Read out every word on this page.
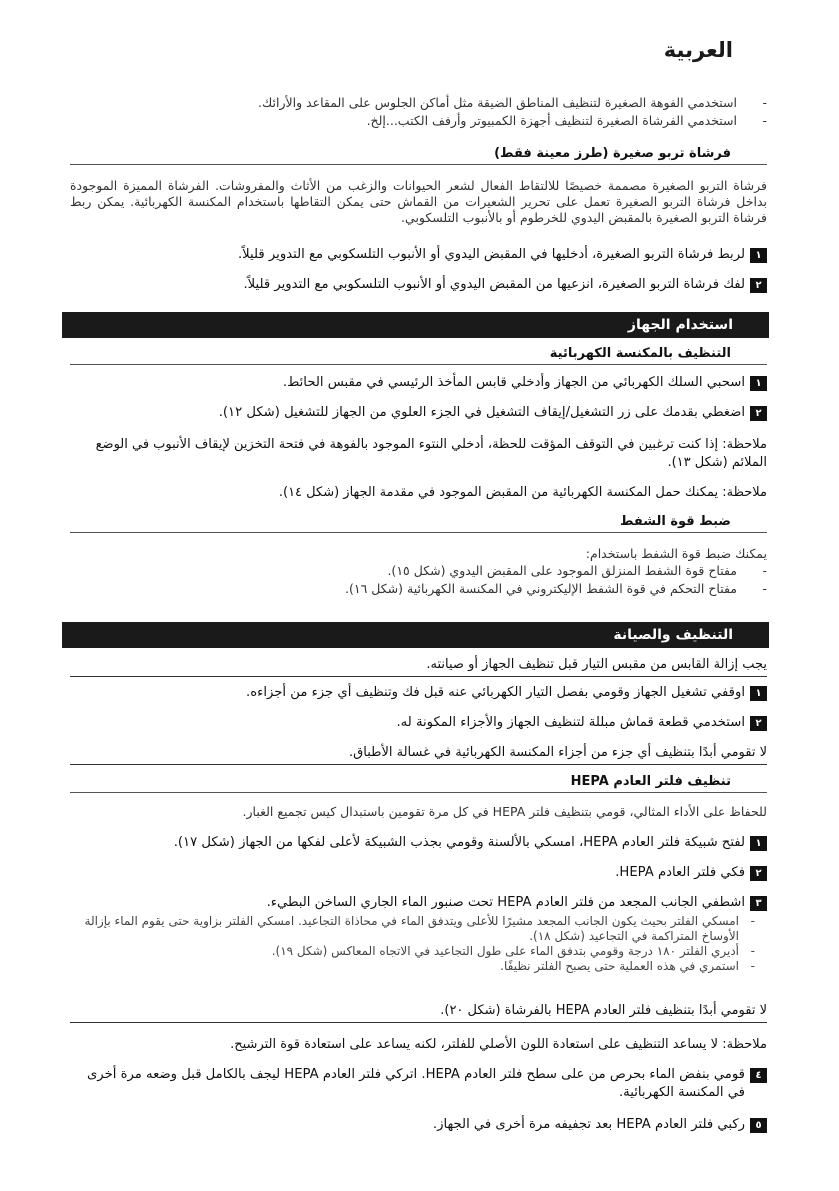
العربية
- استخدمي الفوهة الصغيرة لتنظيف المناطق الضيقة مثل أماكن الجلوس على المقاعد والأرائك.
- استخدمي الفرشاة الصغيرة لتنظيف أجهزة الكمبيوتر وأرفف الكتب...إلخ.
فرشاة تربو صغيرة (طرز معينة فقط)
فرشاة التربو الصغيرة مصممة خصيصًا للالتقاط الفعال لشعر الحيوانات والزغب من الأثاث والمفروشات. الفرشاة المميزة الموجودة بداخل فرشاة التربو الصغيرة تعمل على تحرير الشعيرات من القماش حتى يمكن التقاطها باستخدام المكنسة الكهربائية. يمكن ربط فرشاة التربو الصغيرة بالمقبض اليدوي للخرطوم أو بالأنبوب التلسكوبي.
١
لربط فرشاة التربو الصغيرة، أدخليها في المقبض اليدوي أو الأنبوب التلسكوبي مع التدوير قليلاً.
٢
لفك فرشاة التربو الصغيرة، انزعيها من المقبض اليدوي أو الأنبوب التلسكوبي مع التدوير قليلاً.
استخدام الجهاز
التنظيف بالمكنسة الكهربائية
١
اسحبي السلك الكهربائي من الجهاز وأدخلي قابس المأخذ الرئيسي في مقبس الحائط.
٢
اضغطي بقدمك على زر التشغيل/إيقاف التشغيل في الجزء العلوي من الجهاز للتشغيل (شكل ١٢).
ملاحظة: إذا كنت ترغبين في التوقف المؤقت للحظة، أدخلي النتوء الموجود بالفوهة في فتحة التخزين لإيقاف الأنبوب في الوضع الملائم (شكل ١٣).
ملاحظة: يمكنك حمل المكنسة الكهربائية من المقبض الموجود في مقدمة الجهاز (شكل ١٤).
ضبط قوة الشفط
يمكنك ضبط قوة الشفط باستخدام:
- مفتاح قوة الشفط المنزلق الموجود على المقبض اليدوي (شكل ١٥).
- مفتاح التحكم في قوة الشفط الإليكتروني في المكنسة الكهربائية (شكل ١٦).
التنظيف والصيانة
يجب إزالة القابس من مقبس التيار قبل تنظيف الجهاز أو صيانته.
١
اوقفي تشغيل الجهاز وقومي بفصل التيار الكهربائي عنه قبل فك وتنظيف أي جزء من أجزاءه.
٢
استخدمي قطعة قماش مبللة لتنظيف الجهاز والأجزاء المكونة له.
لا تقومي أبدًا بتنظيف أي جزء من أجزاء المكنسة الكهربائية في غسالة الأطباق.
تنظيف فلتر العادم HEPA
للحفاظ على الأداء المثالي، قومي بتنظيف فلتر HEPA في كل مرة تقومين باستبدال كيس تجميع الغبار.
١
لفتح شبيكة فلتر العادم HEPA، امسكي بالألسنة وقومي بجذب الشبيكة لأعلى لفكها من الجهاز (شكل ١٧).
٢
فكي فلتر العادم HEPA.
٣
اشطفي الجانب المجعد من فلتر العادم HEPA تحت صنبور الماء الجاري الساخن البطيء.
- امسكي الفلتر بحيث يكون الجانب المجعد مشيرًا للأعلى ويتدفق الماء في محاذاة التجاعيد. امسكي الفلتر بزاوية حتى يقوم الماء بإزالة الأوساخ المتراكمة في التجاعيد (شكل ١٨).
- أديري الفلتر ١٨٠ درجة وقومي بتدفق الماء على طول التجاعيد في الاتجاه المعاكس (شكل ١٩).
- استمري في هذه العملية حتى يصبح الفلتر نظيفًا.
لا تقومي أبدًا بتنظيف فلتر العادم HEPA بالفرشاة (شكل ٢٠).
ملاحظة: لا يساعد التنظيف على استعادة اللون الأصلي للفلتر، لكنه يساعد على استعادة قوة الترشيح.
٤
قومي بنفض الماء بحرص من على سطح فلتر العادم HEPA. اتركي فلتر العادم HEPA ليجف بالكامل قبل وضعه مرة أخرى في المكنسة الكهربائية.
٥
ركبي فلتر العادم HEPA بعد تجفيفه مرة أخرى في الجهاز.
